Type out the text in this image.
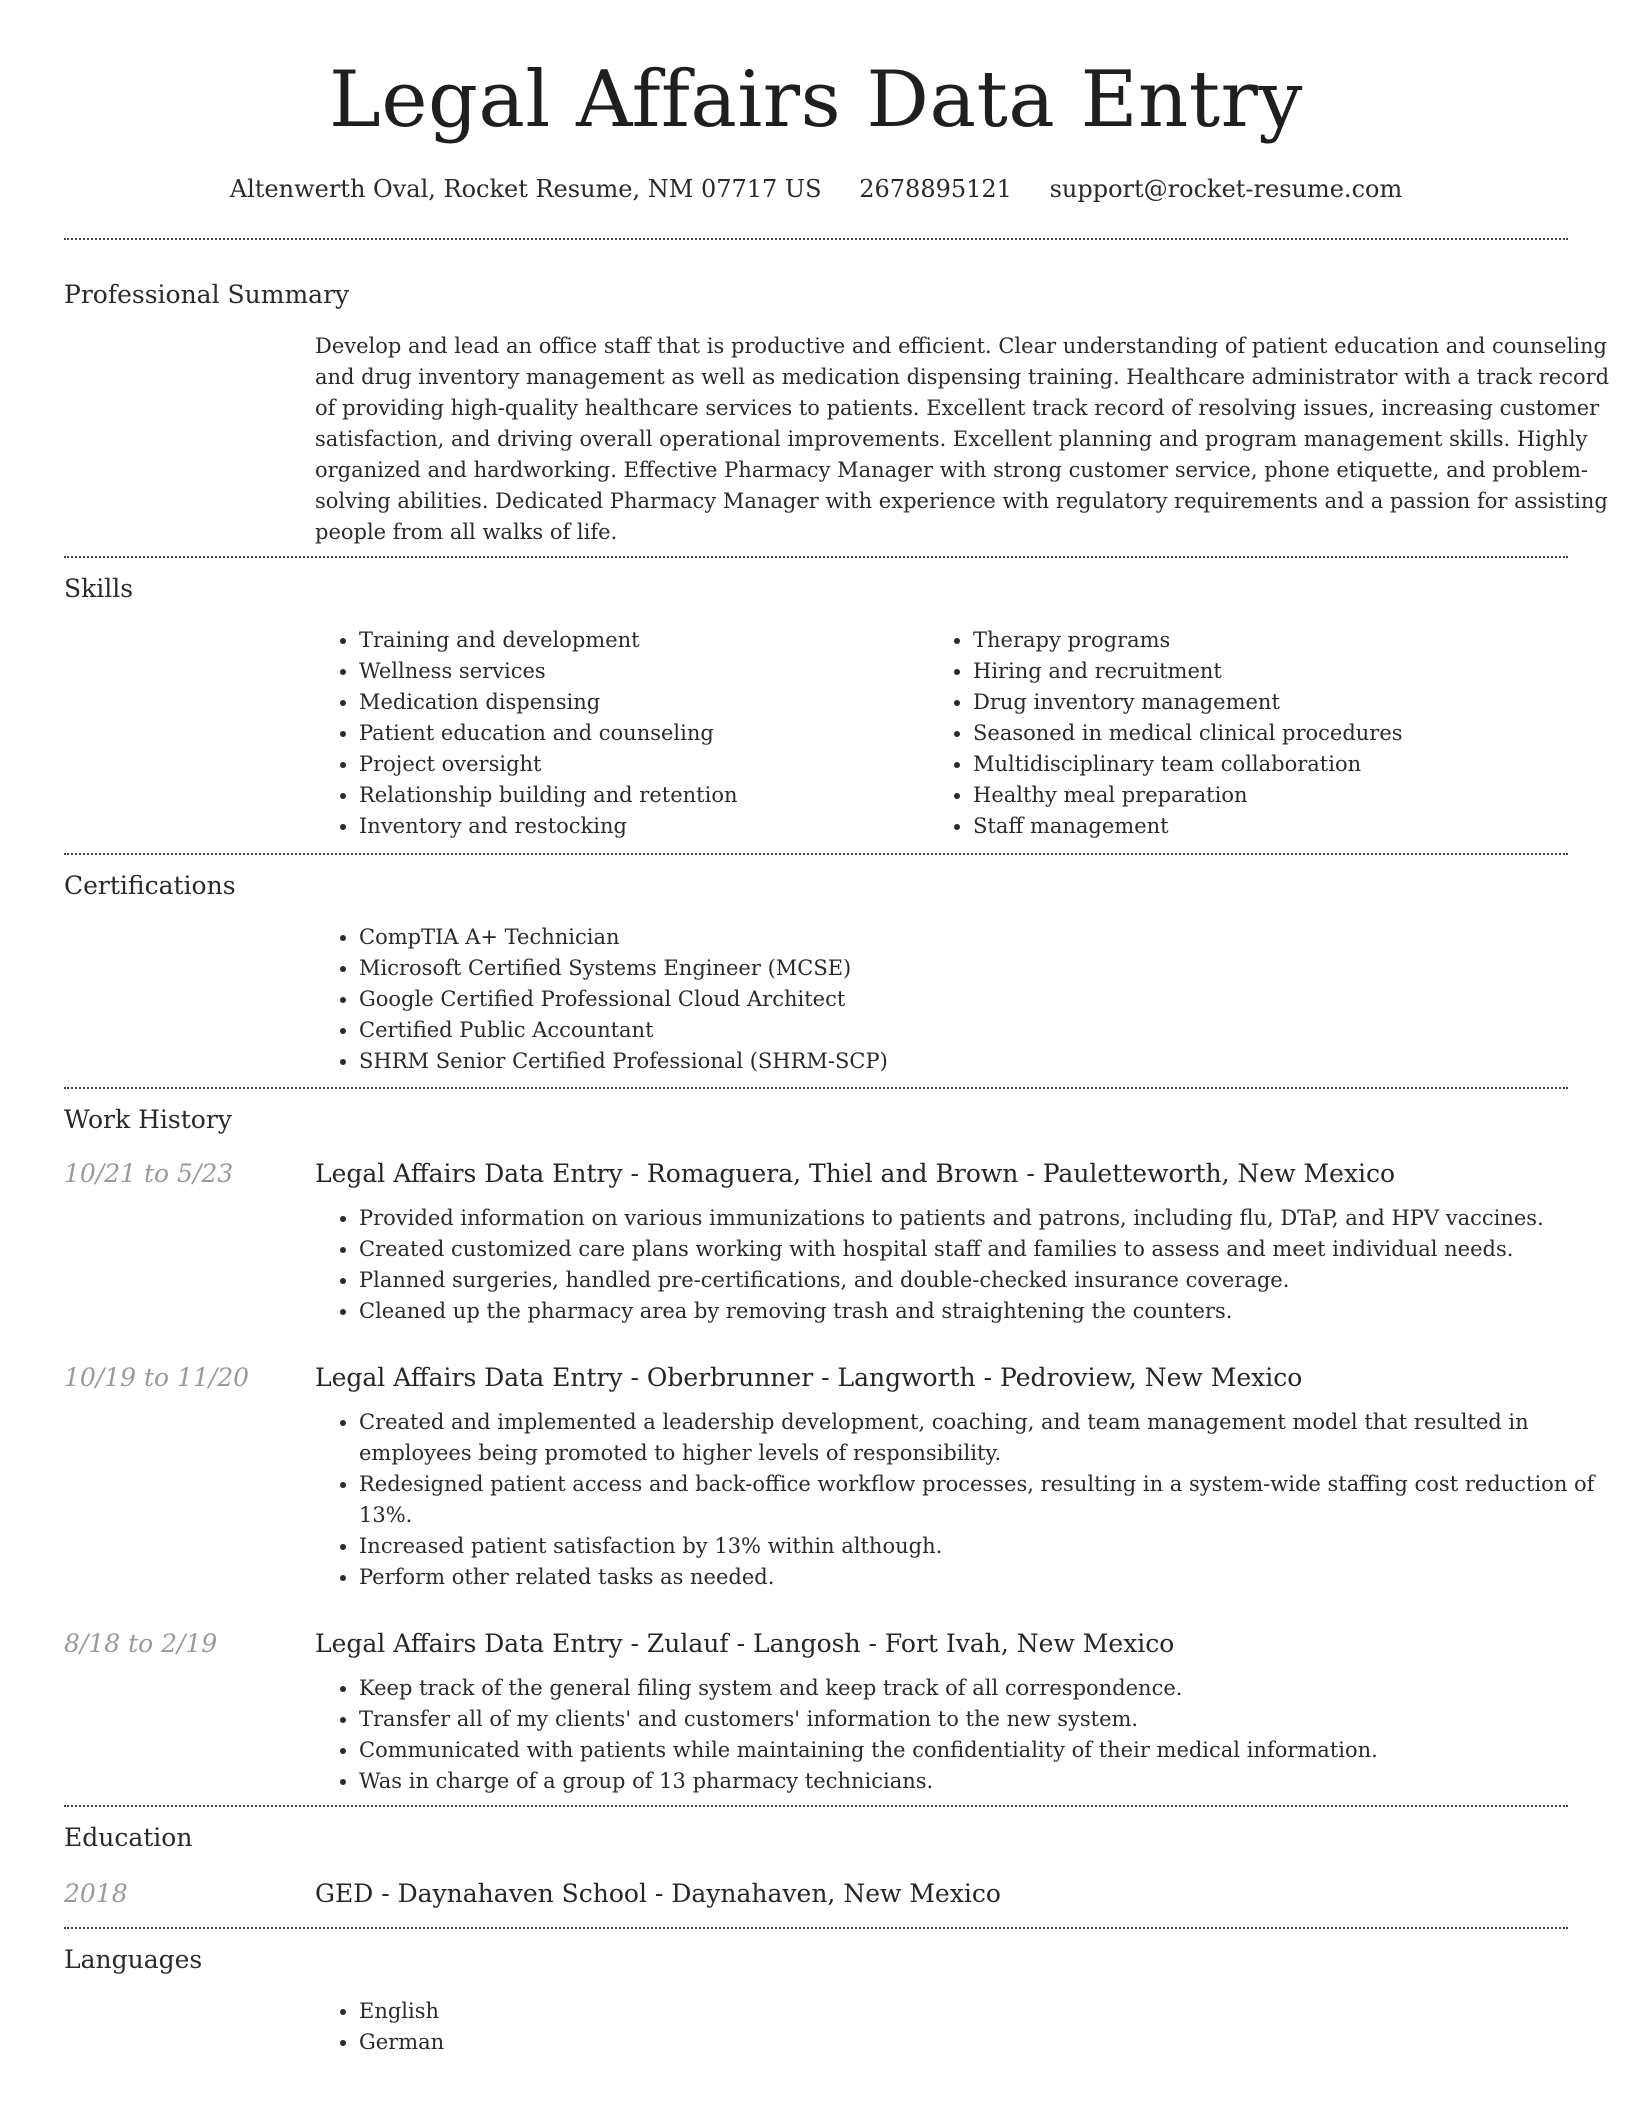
Legal Affairs Data Entry
Altenwerth Oval, Rocket Resume, NM 07717 US 2678895121 support@rocket-resume.com
Professional Summary

Develop and lead an office staff that is productive and efficient. Clear understanding of patient education and counseling and drug inventory management as well as medication dispensing training. Healthcare administrator with a track record of providing high-quality healthcare services to patients. Excellent track record of resolving issues, increasing customer satisfaction, and driving overall operational improvements. Excellent planning and program management skills. Highly organized and hardworking. Effective Pharmacy Manager with strong customer service, phone etiquette, and problem-solving abilities. Dedicated Pharmacy Manager with experience with regulatory requirements and a passion for assisting people from all walks of life.

Skills
• Training and development
• Wellness services
• Medication dispensing
• Patient education and counseling
• Project oversight
• Relationship building and retention
• Inventory and restocking
• Therapy programs
• Hiring and recruitment
• Drug inventory management
• Seasoned in medical clinical procedures
• Multidisciplinary team collaboration
• Healthy meal preparation
• Staff management
Certifications
• CompTIA A+ Technician
• Microsoft Certified Systems Engineer (MCSE)
• Google Certified Professional Cloud Architect
• Certified Public Accountant
• SHRM Senior Certified Professional (SHRM-SCP)
Work History
10/21 to 5/23	Legal Affairs Data Entry - Romaguera, Thiel and Brown - Pauletteworth, New Mexico
• Provided information on various immunizations to patients and patrons, including flu, DTaP, and HPV vaccines.
• Created customized care plans working with hospital staff and families to assess and meet individual needs.
• Planned surgeries, handled pre-certifications, and double-checked insurance coverage.
• Cleaned up the pharmacy area by removing trash and straightening the counters.
10/19 to 11/20	Legal Affairs Data Entry - Oberbrunner - Langworth - Pedroview, New Mexico
• Created and implemented a leadership development, coaching, and team management model that resulted in employees being promoted to higher levels of responsibility.
• Redesigned patient access and back-office workflow processes, resulting in a system-wide staffing cost reduction of 13%.
• Increased patient satisfaction by 13% within although.
• Perform other related tasks as needed.
8/18 to 2/19	Legal Affairs Data Entry - Zulauf - Langosh - Fort Ivah, New Mexico
• Keep track of the general filing system and keep track of all correspondence.
• Transfer all of my clients' and customers' information to the new system.
• Communicated with patients while maintaining the confidentiality of their medical information.
• Was in charge of a group of 13 pharmacy technicians.
Education
2018	GED - Daynahaven School - Daynahaven, New Mexico
Languages
• English
• German
